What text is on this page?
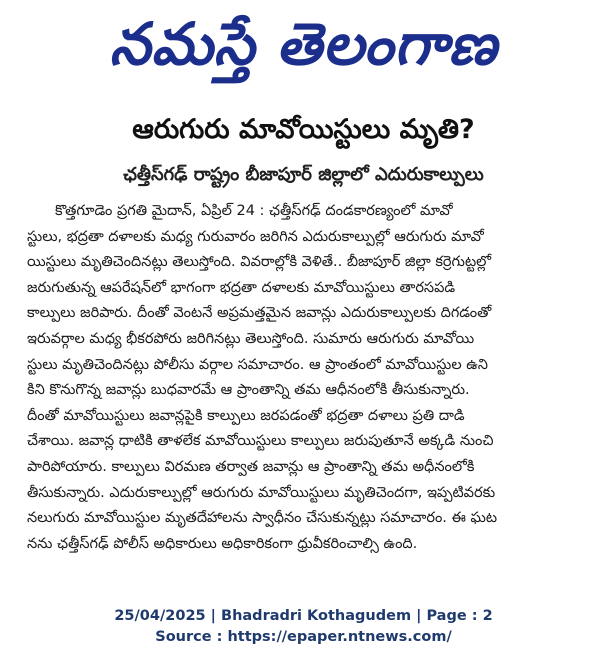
నమస్తే తెలంగాణ
ఆరుగురు మావోయిస్టులు మృతి?
ఛత్తీస్‌గఢ్ రాష్ట్రం బీజాపూర్ జిల్లాలో ఎదురుకాల్పులు
కొత్తగూడెం ప్రగతి మైదాన్, ఏప్రిల్ 24 : ఛత్తీస్‌గఢ్ దండకారణ్యంలో మావో
స్టులు, భద్రతా దళాలకు మధ్య గురువారం జరిగిన ఎదురుకాల్పుల్లో ఆరుగురు మావో
యిస్టులు మృతిచెందినట్లు తెలుస్తోంది. వివరాల్లోకి వెళితే.. బీజాపూర్ జిల్లా కర్రెగుట్టల్లో
జరుగుతున్న ఆపరేషన్‌లో భాగంగా భద్రతా దళాలకు మావోయిస్టులు తారసపడి
కాల్పులు జరిపారు. దీంతో వెంటనే అప్రమత్తమైన జవాన్లు ఎదురుకాల్పులకు దిగడంతో
ఇరువర్గాల మధ్య భీకరపోరు జరిగినట్లు తెలుస్తోంది. సుమారు ఆరుగురు మావోయి
స్టులు మృతిచెందినట్లు పోలీసు వర్గాల సమాచారం. ఆ ప్రాంతంలో మావోయిస్టుల ఉని
కిని కొనుగొన్న జవాన్లు బుధవారమే ఆ ప్రాంతాన్ని తమ ఆధీనంలోకి తీసుకున్నారు.
దీంతో మావోయిస్టులు జవాన్లపైకి కాల్పులు జరపడంతో భద్రతా దళాలు ప్రతి దాడి
చేశాయి. జవాన్ల ధాటికి తాళలేక మావోయిస్టులు కాల్పులు జరుపుతూనే అక్కడి నుంచి
పారిపోయారు. కాల్పులు విరమణ తర్వాత జవాన్లు ఆ ప్రాంతాన్ని తమ అధీనంలోకి
తీసుకున్నారు. ఎదురుకాల్పుల్లో ఆరుగురు మావోయిస్టులు మృతిచెందగా, ఇప్పటివరకు
నలుగురు మావోయిస్టుల మృతదేహాలను స్వాధీనం చేసుకున్నట్లు సమాచారం. ఈ ఘట
నను ఛత్తీస్‌గఢ్ పోలీస్ అధికారులు అధికారికంగా ధ్రువీకరించాల్సి ఉంది.
25/04/2025 | Bhadradri Kothagudem | Page : 2
Source : https://epaper.ntnews.com/
